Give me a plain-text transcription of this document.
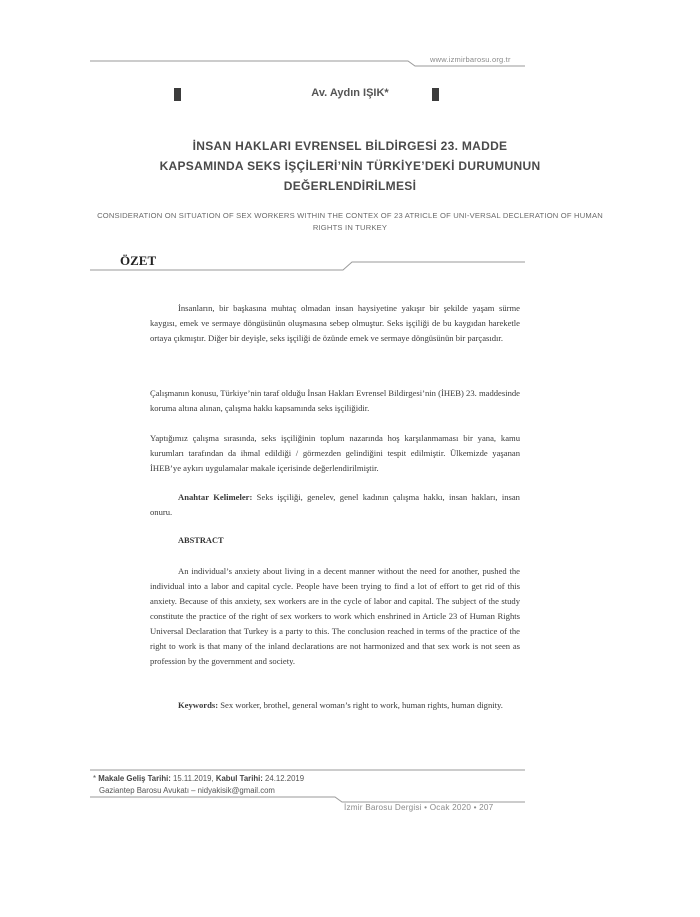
www.izmirbarosu.org.tr
Av. Aydın IŞIK*
İNSAN HAKLARI EVRENSEL BİLDİRGESİ 23. MADDE
KAPSAMINDA SEKS İŞÇİLERİ’NİN TÜRKİYE’DEKİ DURUMUNUN
DEĞERLENDİRİLMESİ
CONSIDERATION ON SITUATION OF SEX WORKERS WITHIN THE CONTEX OF 23 ATRICLE OF UNI-VERSAL DECLERATION OF HUMAN RIGHTS IN TURKEY
ÖZET

İnsanların, bir başkasına muhtaç olmadan insan haysiyetine yakışır bir şekilde yaşam sürme kaygısı, emek ve sermaye döngüsünün oluşmasına sebep olmuştur. Seks işçiliği de bu kaygıdan hareketle ortaya çıkmıştır. Diğer bir deyişle, seks işçiliği de özünde emek ve sermaye döngüsünün bir parçasıdır.

Çalışmanın konusu, Türkiye’nin taraf olduğu İnsan Hakları Evrensel Bildirgesi’nin (İHEB) 23. maddesinde koruma altına alınan, çalışma hakkı kapsamında seks işçiliğidir.

Yaptığımız çalışma sırasında, seks işçiliğinin toplum nazarında hoş karşılanmaması bir yana, kamu kurumları tarafından da ihmal edildiği / görmezden gelindiğini tespit edilmiştir. Ülkemizde yaşanan İHEB’ye aykırı uygulamalar makale içerisinde değerlendirilmiştir.

Anahtar Kelimeler: Seks işçiliği, genelev, genel kadının çalışma hakkı, insan hakları, insan onuru.

ABSTRACT

An individual’s anxiety about living in a decent manner without the need for another, pushed the individual into a labor and capital cycle. People have been trying to find a lot of effort to get rid of this anxiety. Because of this anxiety, sex workers are in the cycle of labor and capital. The subject of the study constitute the practice of the right of sex workers to work which enshrined in Article 23 of Human Rights Universal Declaration that Turkey is a party to this. The conclusion reached in terms of the practice of the right to work is that many of the inland declarations are not harmonized and that sex work is not seen as profession by the government and society.

Keywords: Sex worker, brothel, general woman’s right to work, human rights, human dignity.

* Makale Geliş Tarihi: 15.11.2019, Kabul Tarihi: 24.12.2019
Gaziantep Barosu Avukatı – nidyakisik@gmail.com
İzmir Barosu Dergisi • Ocak 2020 • 207
